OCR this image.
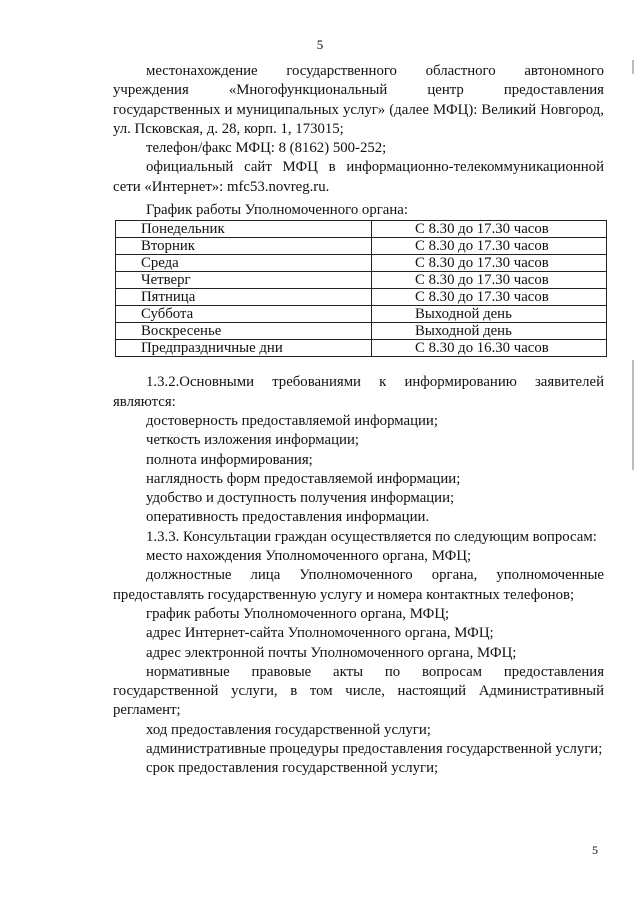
5

местонахождение государственного областного автономного учреждения «Многофункциональный центр предоставления государственных и муниципальных услуг» (далее МФЦ): Великий Новгород, ул. Псковская, д. 28, корп. 1, 173015;

телефон/факс МФЦ: 8 (8162) 500-252;

официальный сайт МФЦ в информационно-телекоммуникационной сети «Интернет»: mfc53.novreg.ru.

График работы Уполномоченного органа:

Понедельник	С 8.30 до 17.30 часов
Вторник	С 8.30 до 17.30 часов
Среда	С 8.30 до 17.30 часов
Четверг	С 8.30 до 17.30 часов
Пятница	С 8.30 до 17.30 часов
Суббота	Выходной день
Воскресенье	Выходной день
Предпраздничные дни	С 8.30 до 16.30 часов

1.3.2.Основными требованиями к информированию заявителей являются:

достоверность предоставляемой информации;

четкость изложения информации;

полнота информирования;

наглядность форм предоставляемой информации;

удобство и доступность получения информации;

оперативность предоставления информации.

1.3.3. Консультации граждан осуществляется по следующим вопросам:

место нахождения Уполномоченного органа, МФЦ;

должностные лица Уполномоченного органа, уполномоченные предоставлять государственную услугу и номера контактных телефонов;

график работы Уполномоченного органа, МФЦ;

адрес Интернет-сайта Уполномоченного органа, МФЦ;

адрес электронной почты Уполномоченного органа, МФЦ;

нормативные правовые акты по вопросам предоставления государственной услуги, в том числе, настоящий Административный регламент;

ход предоставления государственной услуги;

административные процедуры предоставления государственной услуги;

срок предоставления государственной услуги;

5
